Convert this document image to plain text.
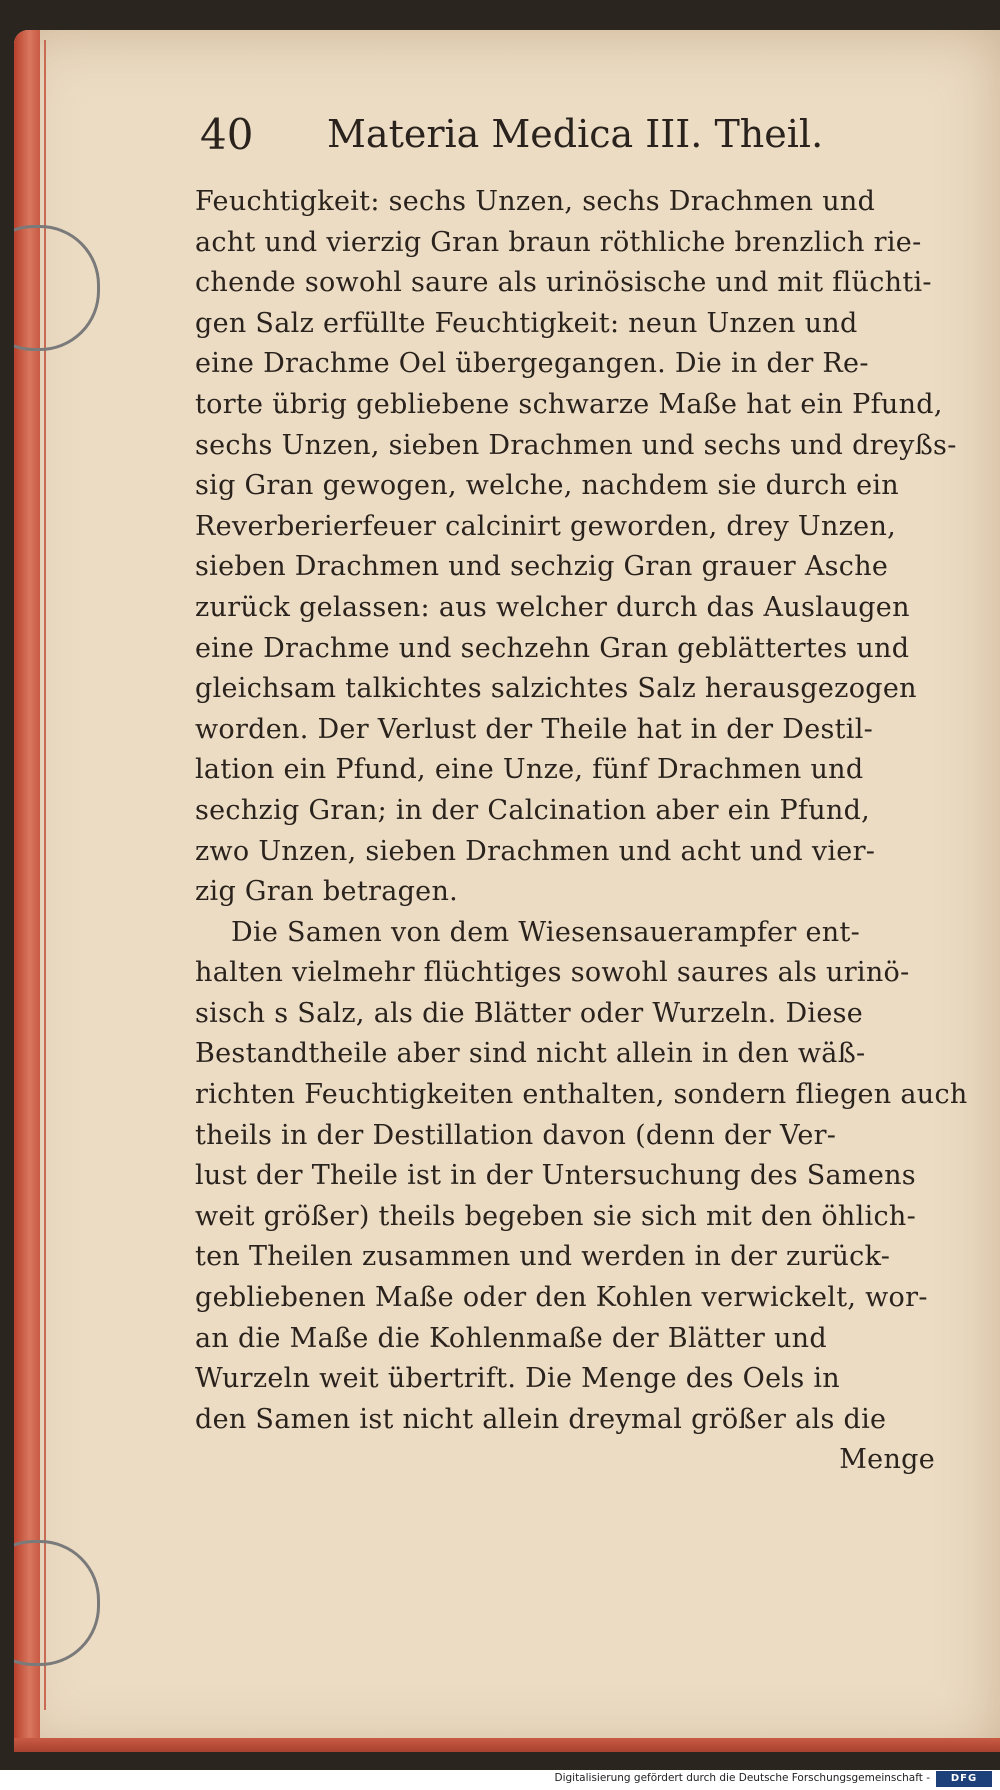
40 Materia Medica III. Theil.
Feuchtigkeit: sechs Unzen, sechs Drachmen und
acht und vierzig Gran braun röthliche brenzlich rie-
chende sowohl saure als urinösische und mit flüchti-
gen Salz erfüllte Feuchtigkeit: neun Unzen und
eine Drachme Oel übergegangen. Die in der Re-
torte übrig gebliebene schwarze Maße hat ein Pfund,
sechs Unzen, sieben Drachmen und sechs und dreyßs-
sig Gran gewogen, welche, nachdem sie durch ein
Reverberierfeuer calcinirt geworden, drey Unzen,
sieben Drachmen und sechzig Gran grauer Asche
zurück gelassen: aus welcher durch das Auslaugen
eine Drachme und sechzehn Gran geblättertes und
gleichsam talkichtes salzichtes Salz herausgezogen
worden. Der Verlust der Theile hat in der Destil-
lation ein Pfund, eine Unze, fünf Drachmen und
sechzig Gran; in der Calcination aber ein Pfund,
zwo Unzen, sieben Drachmen und acht und vier-
zig Gran betragen.
Die Samen von dem Wiesensauerampfer ent-
halten vielmehr flüchtiges sowohl saures als urinö-
sisch s Salz, als die Blätter oder Wurzeln. Diese
Bestandtheile aber sind nicht allein in den wäß-
richten Feuchtigkeiten enthalten, sondern fliegen auch
theils in der Destillation davon (denn der Ver-
lust der Theile ist in der Untersuchung des Samens
weit größer) theils begeben sie sich mit den öhlich-
ten Theilen zusammen und werden in der zurück-
gebliebenen Maße oder den Kohlen verwickelt, wor-
an die Maße die Kohlenmaße der Blätter und
Wurzeln weit übertrift. Die Menge des Oels in
den Samen ist nicht allein dreymal größer als die
Menge
Digitalisierung gefördert durch die Deutsche Forschungsgemeinschaft -	DFG
